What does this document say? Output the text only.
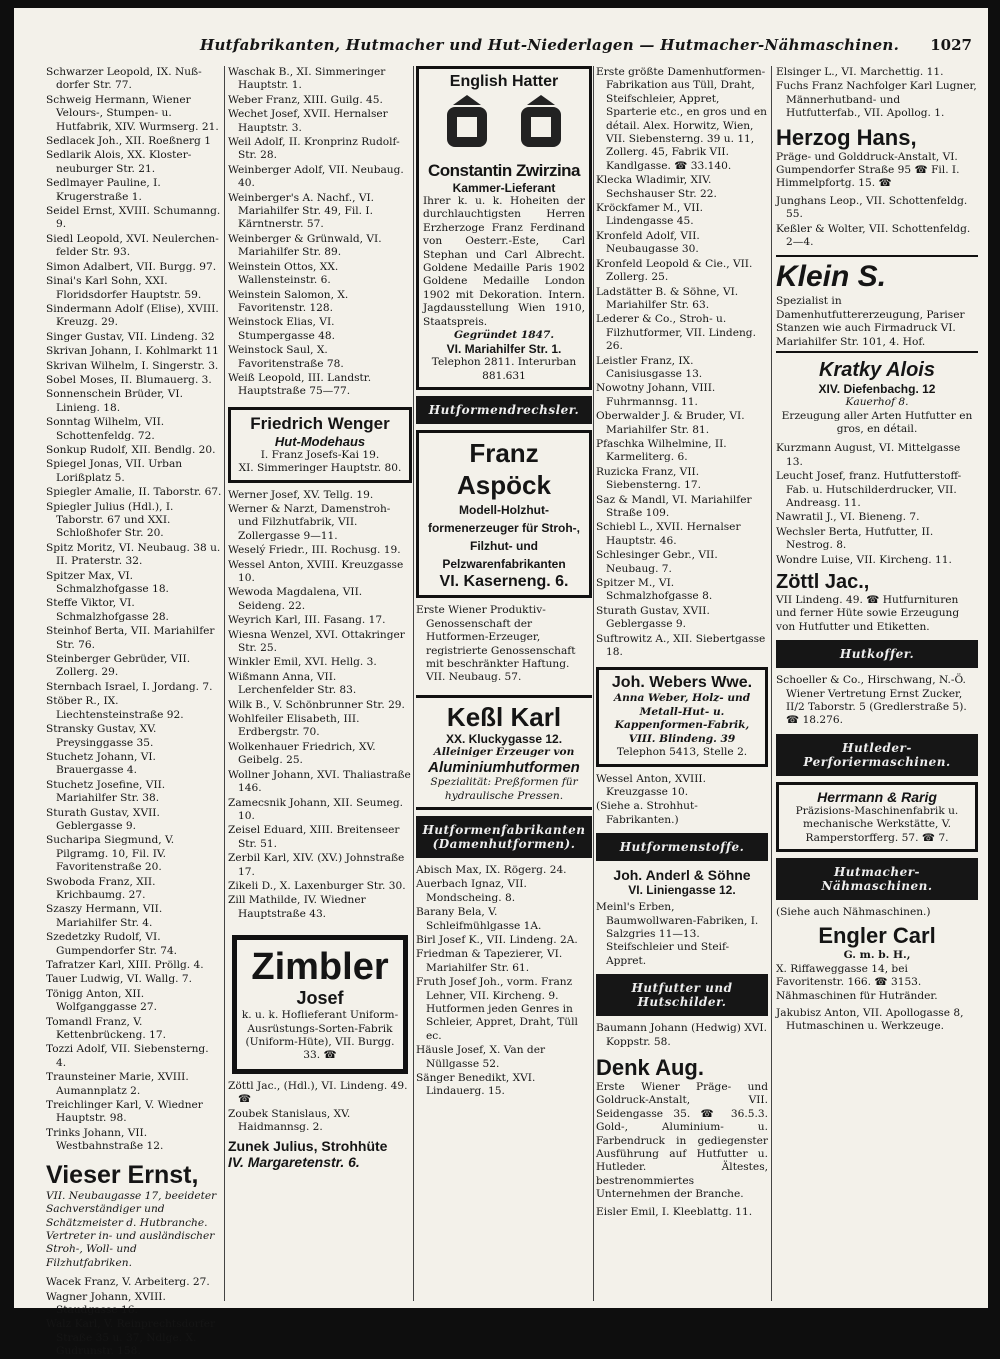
Hutfabrikanten, Hutmacher und Hut-Niederlagen — Hutmacher-Nähmaschinen. 1027
Schwarzer Leopold, IX. Nuß-dorfer Str. 77.
Schweig Hermann, Wiener Velours-, Stumpen- u. Hutfabrik, XIV. Wurmserg. 21.
Sedlacek Joh., XII. Roeßnerg 1
Sedlarik Alois, XX. Kloster-neuburger Str. 21.
Sedlmayer Pauline, I. Krugerstraße 1.
Seidel Ernst, XVIII. Schumanng. 9.
Siedl Leopold, XVI. Neulerchen-felder Str. 93.
Simon Adalbert, VII. Burgg. 97.
Sinai's Karl Sohn, XXI. Floridsdorfer Hauptstr. 59.
Sindermann Adolf (Elise), XVIII. Kreuzg. 29.
Singer Gustav, VII. Lindeng. 32
Skrivan Johann, I. Kohlmarkt 11
Skrivan Wilhelm, I. Singerstr. 3.
Sobel Moses, II. Blumauerg. 3.
Sonnenschein Brüder, VI. Linieng. 18.
Sonntag Wilhelm, VII. Schottenfeldg. 72.
Sonkup Rudolf, XII. Bendlg. 20.
Spiegel Jonas, VII. Urban Lorißplatz 5.
Spiegler Amalie, II. Taborstr. 67.
Spiegler Julius (Hdl.), I. Taborstr. 67 und XXI. Schloßhofer Str. 20.
Spitz Moritz, VI. Neubaug. 38 u. II. Praterstr. 32.
Spitzer Max, VI. Schmalzhofgasse 18.
Steffe Viktor, VI. Schmalzhofgasse 28.
Steinhof Berta, VII. Mariahilfer Str. 76.
Steinberger Gebrüder, VII. Zollerg. 29.
Sternbach Israel, I. Jordang. 7.
Stöber R., IX. Liechtensteinstraße 92.
Stransky Gustav, XV. Preysinggasse 35.
Stuchetz Johann, VI. Brauergasse 4.
Stuchetz Josefine, VII. Mariahilfer Str. 38.
Sturath Gustav, XVII. Geblergasse 9.
Sucharipa Siegmund, V. Pilgramg. 10, Fil. IV. Favoritenstraße 20.
Swoboda Franz, XII. Krichbaumg. 27.
Szaszy Hermann, VII. Mariahilfer Str. 4.
Szedetzky Rudolf, VI. Gumpendorfer Str. 74.
Tafratzer Karl, XIII. Pröllg. 4.
Tauer Ludwig, VI. Wallg. 7.
Tönigg Anton, XII. Wolfganggasse 27.
Tomandl Franz, V. Kettenbrückeng. 17.
Tozzi Adolf, VII. Siebensterng. 4.
Traunsteiner Marie, XVIII. Aumannplatz 2.
Treichlinger Karl, V. Wiedner Hauptstr. 98.
Trinks Johann, VII. Westbahnstraße 12.
Vieser Ernst,
VII. Neubaugasse 17, beeideter Sachverständiger und Schätzmeister d. Hutbranche. Vertreter in- und ausländischer Stroh-, Woll- und Filzhutfabriken.
Wacek Franz, V. Arbeiterg. 27.
Wagner Johann, XVIII. Staudgasse 16.
Walz Karl, V. Reinprechtsdorfer Straße 35 u. 37, Ndlge. X. Gudrunstr. 158.
Waschak B., XI. Simmeringer Hauptstr. 1.
Weber Franz, XIII. Guilg. 45.
Wechet Josef, XVII. Hernalser Hauptstr. 3.
Weil Adolf, II. Kronprinz Rudolf-Str. 28.
Weinberger Adolf, VII. Neubaug. 40.
Weinberger's A. Nachf., VI. Mariahilfer Str. 49, Fil. I. Kärntnerstr. 57.
Weinberger & Grünwald, VI. Mariahilfer Str. 89.
Weinstein Ottos, XX. Wallensteinstr. 6.
Weinstein Salomon, X. Favoritenstr. 128.
Weinstock Elias, VI. Stumpergasse 48.
Weinstock Saul, X. Favoritenstraße 78.
Weiß Leopold, III. Landstr. Hauptstraße 75—77.
Friedrich Wenger
Hut-Modehaus
I. Franz Josefs-Kai 19.
XI. Simmeringer Hauptstr. 80.
Werner Josef, XV. Tellg. 19.
Werner & Narzt, Damenstroh- und Filzhutfabrik, VII. Zollergasse 9—11.
Weselý Friedr., III. Rochusg. 19.
Wessel Anton, XVIII. Kreuzgasse 10.
Wewoda Magdalena, VII. Seideng. 22.
Weyrich Karl, III. Fasang. 17.
Wiesna Wenzel, XVI. Ottakringer Str. 25.
Winkler Emil, XVI. Hellg. 3.
Wißmann Anna, VII. Lerchenfelder Str. 83.
Wilk B., V. Schönbrunner Str. 29.
Wohlfeiler Elisabeth, III. Erdbergstr. 70.
Wolkenhauer Friedrich, XV. Geibelg. 25.
Wollner Johann, XVI. Thaliastraße 146.
Zamecsnik Johann, XII. Seumeg. 10.
Zeisel Eduard, XIII. Breitenseer Str. 51.
Zerbil Karl, XIV. (XV.) Johnstraße 17.
Zikeli D., X. Laxenburger Str. 30.
Zill Mathilde, IV. Wiedner Hauptstraße 43.
Zimbler
Josef
k. u. k. Hoflieferant Uniform-Ausrüstungs-Sorten-Fabrik (Uniform-Hüte), VII. Burgg. 33. ☎
Zöttl Jac., (Hdl.), VI. Lindeng. 49. ☎
Zoubek Stanislaus, XV. Haidmannsg. 2.
Zunek Julius, Strohhüte
IV. Margaretenstr. 6.
English Hatter
Constantin Zwirzina
Kammer-Lieferant
Ihrer k. u. k. Hoheiten der durchlauchtigsten Herren Erzherzoge Franz Ferdinand von Oesterr.-Este, Carl Stephan und Carl Albrecht. Goldene Medaille Paris 1902 Goldene Medaille London 1902 mit Dekoration. Intern. Jagdausstellung Wien 1910, Staatspreis.
Gegründet 1847.
VI. Mariahilfer Str. 1.
Telephon 2811. Interurban 881.631
Hutformendrechsler.
Franz Aspöck
Modell-Holzhut-formenerzeuger für Stroh-, Filzhut- und Pelzwarenfabrikanten
VI. Kaserneng. 6.
Erste Wiener Produktiv-Genossenschaft der Hutformen-Erzeuger, registrierte Genossenschaft mit beschränkter Haftung. VII. Neubaug. 57.
Keßl Karl
XX. Kluckygasse 12.
Alleiniger Erzeuger von
Aluminiumhutformen
Spezialität: Preßformen für hydraulische Pressen.
Hutformenfabrikanten (Damenhutformen).
Abisch Max, IX. Rögerg. 24.
Auerbach Ignaz, VII. Mondscheing. 8.
Barany Bela, V. Schleifmühlgasse 1A.
Birl Josef K., VII. Lindeng. 2A.
Friedman & Tapezierer, VI. Mariahilfer Str. 61.
Fruth Josef Joh., vorm. Franz Lehner, VII. Kircheng. 9. Hutformen jeden Genres in Schleier, Appret, Draht, Tüll ec.
Häusle Josef, X. Van der Nüllgasse 52.
Sänger Benedikt, XVI. Lindauerg. 15.
Erste größte Damenhutformen-Fabrikation aus Tüll, Draht, Steifschleier, Appret, Sparterie etc., en gros und en détail. Alex. Horwitz, Wien, VII. Siebensterng. 39 u. 11, Zollerg. 45, Fabrik VII. Kandlgasse. ☎ 33.140.
Klecka Wladimir, XIV. Sechshauser Str. 22.
Kröckfamer M., VII. Lindengasse 45.
Kronfeld Adolf, VII. Neubaugasse 30.
Kronfeld Leopold & Cie., VII. Zollerg. 25.
Ladstätter B. & Söhne, VI. Mariahilfer Str. 63.
Lederer & Co., Stroh- u. Filzhutformer, VII. Lindeng. 26.
Leistler Franz, IX. Canisiusgasse 13.
Nowotny Johann, VIII. Fuhrmannsg. 11.
Oberwalder J. & Bruder, VI. Mariahilfer Str. 81.
Pfaschka Wilhelmine, II. Karmeliterg. 6.
Ruzicka Franz, VII. Siebensterng. 17.
Saz & Mandl, VI. Mariahilfer Straße 109.
Schiebl L., XVII. Hernalser Hauptstr. 46.
Schlesinger Gebr., VII. Neubaug. 7.
Spitzer M., VI. Schmalzhofgasse 8.
Sturath Gustav, XVII. Geblergasse 9.
Suftrowitz A., XII. Siebertgasse 18.
Joh. Webers Wwe.
Anna Weber, Holz- und Metall-Hut- u. Kappenformen-Fabrik, VIII. Blindeng. 39
Telephon 5413, Stelle 2.
Wessel Anton, XVIII. Kreuzgasse 10.
(Siehe a. Strohhut-Fabrikanten.)
Hutformenstoffe.
Joh. Anderl & Söhne
VI. Liniengasse 12.
Meinl's Erben, Baumwollwaren-Fabriken, I. Salzgries 11—13. Steifschleier und Steif-Appret.
Hutfutter und Hutschilder.
Baumann Johann (Hedwig) XVI. Koppstr. 58.
Denk Aug.
Erste Wiener Präge- und Goldruck-Anstalt, VII. Seidengasse 35. ☎ 36.5.3. Gold-, Aluminium- u. Farbendruck in gediegenster Ausführung auf Hutfutter u. Hutleder. Ältestes, bestrenommiertes Unternehmen der Branche.
Eisler Emil, I. Kleeblattg. 11.
Elsinger L., VI. Marchettig. 11.
Fuchs Franz Nachfolger Karl Lugner, Männerhutband- und Hutfutterfab., VII. Apollog. 1.
Herzog Hans,
Präge- und Golddruck-Anstalt, VI. Gumpendorfer Straße 95 ☎ Fil. I. Himmelpfortg. 15. ☎
Junghans Leop., VII. Schottenfeldg. 55.
Keßler & Wolter, VII. Schottenfeldg. 2—4.
Klein S.
Spezialist in Damenhutfuttererzeugung, Pariser Stanzen wie auch Firmadruck VI. Mariahilfer Str. 101, 4. Hof.
Kratky Alois
XIV. Diefenbachg. 12
Kauerhof 8.
Erzeugung aller Arten Hutfutter en gros, en détail.
Kurzmann August, VI. Mittelgasse 13.
Leucht Josef, franz. Hutfutterstoff-Fab. u. Hutschilderdrucker, VII. Andreasg. 11.
Nawratil J., VI. Bieneng. 7.
Wechsler Berta, Hutfutter, II. Nestrog. 8.
Wondre Luise, VII. Kircheng. 11.
Zöttl Jac.,
VII Lindeng. 49. ☎ Hutfurnituren und ferner Hüte sowie Erzeugung von Hutfutter und Etiketten.
Hutkoffer.
Schoeller & Co., Hirschwang, N.-Ö. Wiener Vertretung Ernst Zucker, II/2 Taborstr. 5 (Gredlerstraße 5). ☎ 18.276.
Hutleder-Perforiermaschinen.
Herrmann & Rarig
Präzisions-Maschinenfabrik u. mechanische Werkstätte, V. Ramperstorfferg. 57. ☎ 7.
Hutmacher-Nähmaschinen.
(Siehe auch Nähmaschinen.)
Engler Carl
G. m. b. H.,
X. Riffaweggasse 14, bei Favoritenstr. 166. ☎ 3153. Nähmaschinen für Hutränder.
Jakubisz Anton, VII. Apollogasse 8, Hutmaschinen u. Werkzeuge.
